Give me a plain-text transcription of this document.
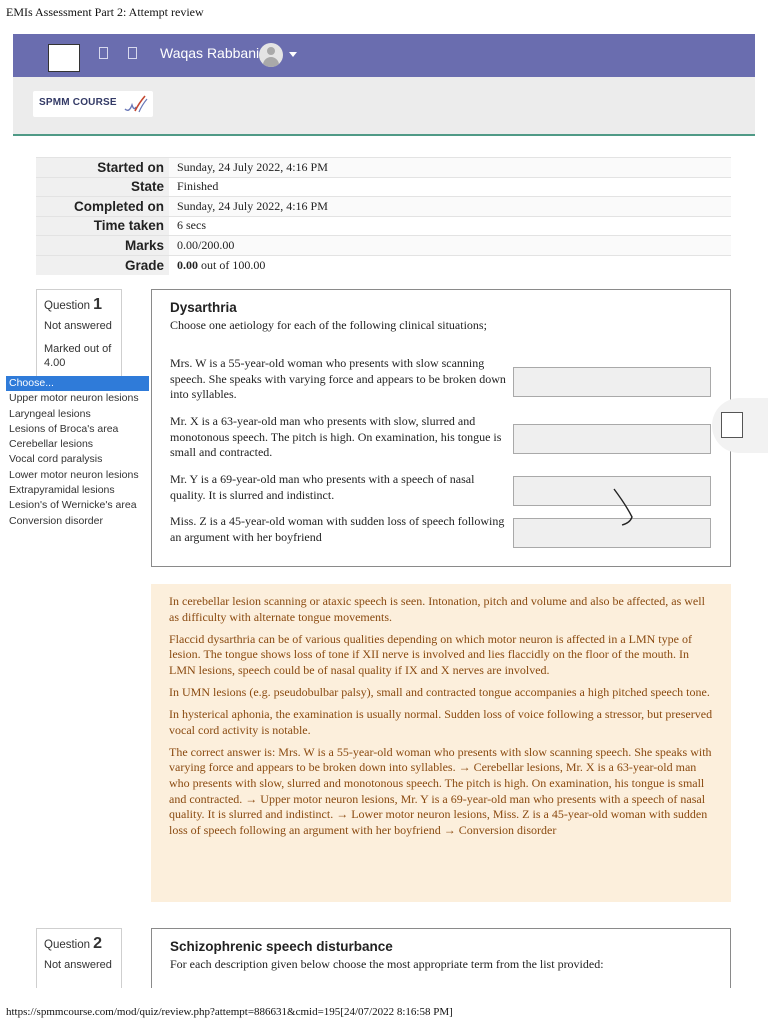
EMIs Assessment Part 2: Attempt review
Waqas Rabbani
SPMM COURSE
Started on	Sunday, 24 July 2022, 4:16 PM
State	Finished
Completed on	Sunday, 24 July 2022, 4:16 PM
Time taken	6 secs
Marks	0.00/200.00
Grade	0.00 out of 100.00
Question 1
Not answered
Marked out of 4.00
Choose...
Upper motor neuron lesions
Laryngeal lesions
Lesions of Broca's area
Cerebellar lesions
Vocal cord paralysis
Lower motor neuron lesions
Extrapyramidal lesions
Lesion's of Wernicke's area
Conversion disorder
Dysarthria
Choose one aetiology for each of the following clinical situations;
Mrs. W is a 55-year-old woman who presents with slow scanning speech. She speaks with varying force and appears to be broken down into syllables.
Mr. X is a 63-year-old man who presents with slow, slurred and monotonous speech. The pitch is high. On examination, his tongue is small and contracted.
Mr. Y is a 69-year-old man who presents with a speech of nasal quality. It is slurred and indistinct.
Miss. Z is a 45-year-old woman with sudden loss of speech following an argument with her boyfriend

In cerebellar lesion scanning or ataxic speech is seen. Intonation, pitch and volume and also be affected, as well as difficulty with alternate tongue movements.

Flaccid dysarthria can be of various qualities depending on which motor neuron is affected in a LMN type of lesion. The tongue shows loss of tone if XII nerve is involved and lies flaccidly on the floor of the mouth. In LMN lesions, speech could be of nasal quality if IX and X nerves are involved.

In UMN lesions (e.g. pseudobulbar palsy), small and contracted tongue accompanies a high pitched speech tone.

In hysterical aphonia, the examination is usually normal. Sudden loss of voice following a stressor, but preserved vocal cord activity is notable.

The correct answer is: Mrs. W is a 55-year-old woman who presents with slow scanning speech. She speaks with varying force and appears to be broken down into syllables. → Cerebellar lesions, Mr. X is a 63-year-old man who presents with slow, slurred and monotonous speech. The pitch is high. On examination, his tongue is small and contracted. → Upper motor neuron lesions, Mr. Y is a 69-year-old man who presents with a speech of nasal quality. It is slurred and indistinct. → Lower motor neuron lesions, Miss. Z is a 45-year-old woman with sudden loss of speech following an argument with her boyfriend → Conversion disorder

Question 2
Not answered
Schizophrenic speech disturbance
For each description given below choose the most appropriate term from the list provided:
https://spmmcourse.com/mod/quiz/review.php?attempt=886631&cmid=195[24/07/2022 8:16:58 PM]
